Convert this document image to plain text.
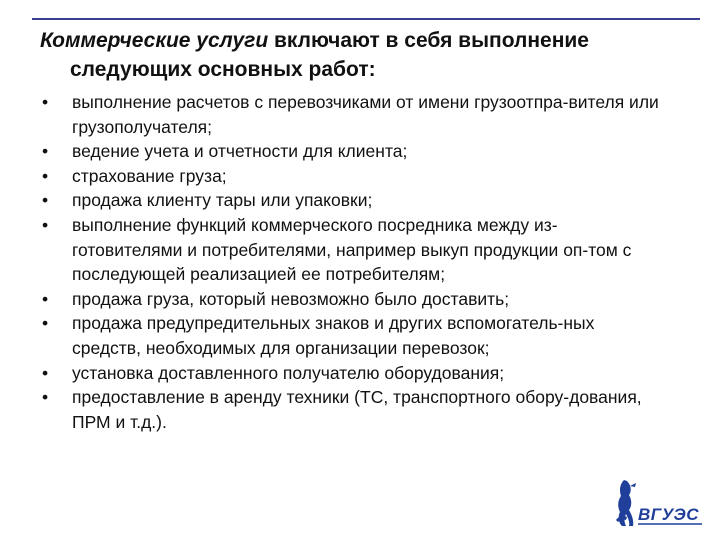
Коммерческие услуги включают в себя выполнение
следующих основных работ:
•	выполнение расчетов с перевозчиками от имени грузоотпра-вителя или грузополучателя;
•	ведение учета и отчетности для клиента;
•	страхование груза;
•	продажа клиенту тары или упаковки;
•	выполнение функций коммерческого посредника между из-готовителями и потребителями, например выкуп продукции оп-том с последующей реализацией ее потребителям;
•	продажа груза, который невозможно было доставить;
•	продажа предупредительных знаков и других вспомогатель-ных средств, необходимых для организации перевозок;
•	установка доставленного получателю оборудования;
•	предоставление в аренду техники (ТС, транспортного обору-дования, ПРМ и т.д.).
ВГУЭС
